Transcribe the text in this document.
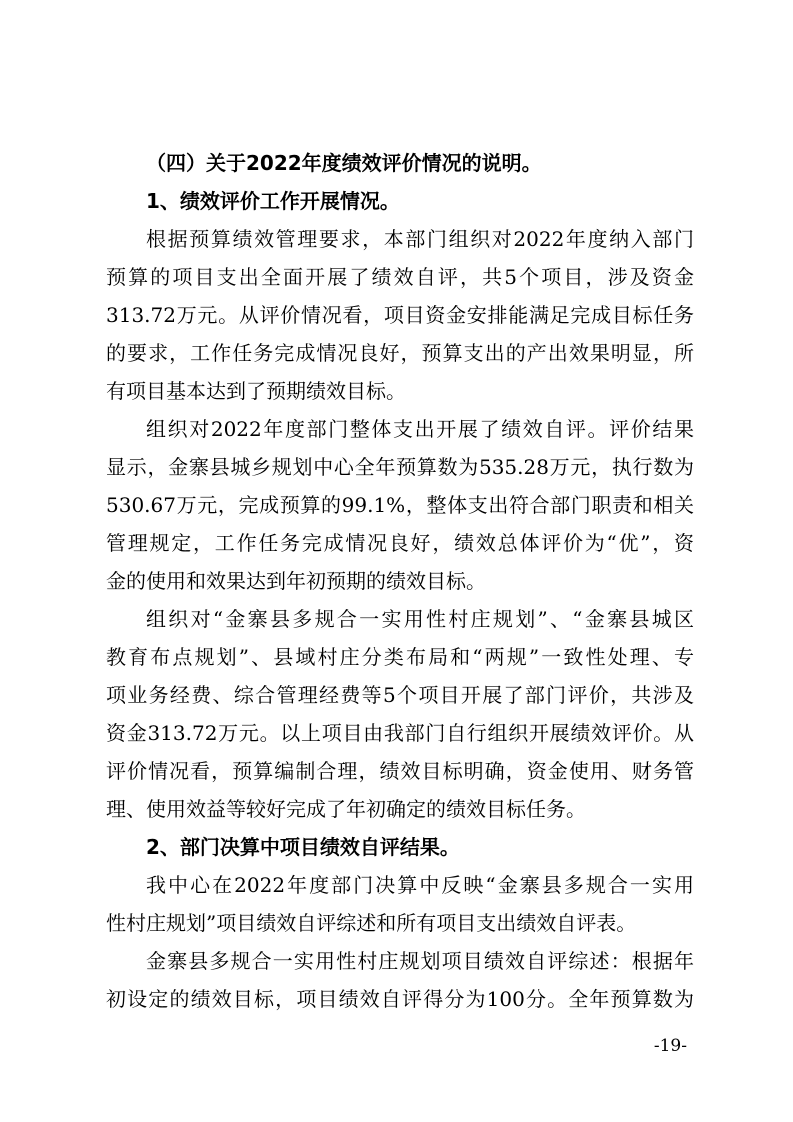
（四）关于2022年度绩效评价情况的说明。

1、绩效评价工作开展情况。

根据预算绩效管理要求，本部门组织对2022年度纳入部门

预算的项目支出全面开展了绩效自评，共5个项目，涉及资金

313.72万元。从评价情况看，项目资金安排能满足完成目标任务

的要求，工作任务完成情况良好，预算支出的产出效果明显，所

有项目基本达到了预期绩效目标。

组织对2022年度部门整体支出开展了绩效自评。评价结果

显示，金寨县城乡规划中心全年预算数为535.28万元，执行数为

530.67万元，完成预算的99.1%，整体支出符合部门职责和相关

管理规定，工作任务完成情况良好，绩效总体评价为“优”，资

金的使用和效果达到年初预期的绩效目标。

组织对“金寨县多规合一实用性村庄规划”、“金寨县城区

教育布点规划”、县域村庄分类布局和“两规”一致性处理、专

项业务经费、综合管理经费等5个项目开展了部门评价，共涉及

资金313.72万元。以上项目由我部门自行组织开展绩效评价。从

评价情况看，预算编制合理，绩效目标明确，资金使用、财务管

理、使用效益等较好完成了年初确定的绩效目标任务。

2、部门决算中项目绩效自评结果。

我中心在2022年度部门决算中反映“金寨县多规合一实用

性村庄规划”项目绩效自评综述和所有项目支出绩效自评表。

金寨县多规合一实用性村庄规划项目绩效自评综述：根据年

初设定的绩效目标，项目绩效自评得分为100分。全年预算数为

-19-
